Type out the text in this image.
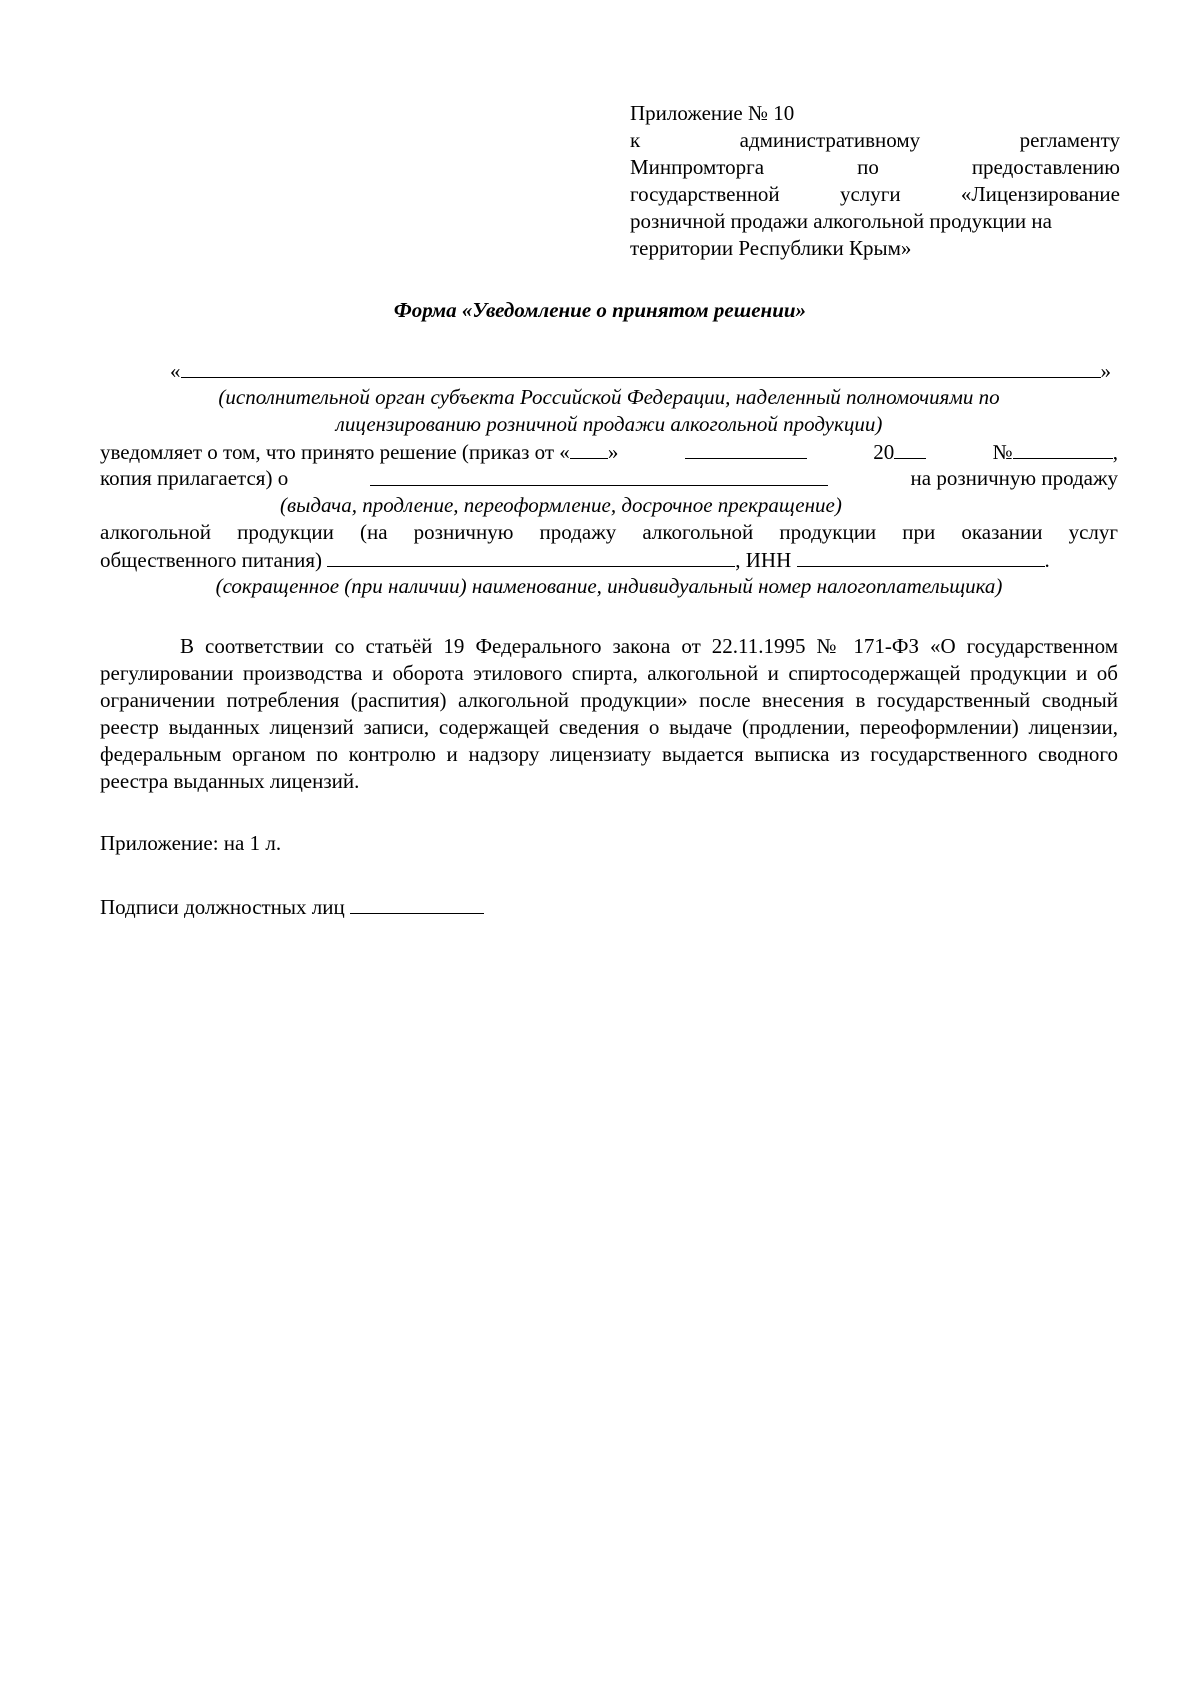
Приложение № 10
к административному регламенту
Минпромторга по предоставлению
государственной услуги «Лицензирование
розничной продажи алкогольной продукции на
территории Республики Крым»
Форма «Уведомление о принятом решении»
«	»
(исполнительной орган субъекта Российской Федерации, наделенный полномочиями по
лицензированию розничной продажи алкогольной продукции)
уведомляет о том, что принято решение (приказ от « »	20	№	,
копия прилагается) о	на розничную продажу
(выдача, продление, переоформление, досрочное прекращение)
алкогольной продукции (на розничную продажу алкогольной продукции при оказании услуг
общественного питания)	, ИНН	.
(сокращенное (при наличии) наименование, индивидуальный номер налогоплательщика)
В соответствии со статьёй 19 Федерального закона от 22.11.1995 № 171-ФЗ «О государственном регулировании производства и оборота этилового спирта, алкогольной и спиртосодержащей продукции и об ограничении потребления (распития) алкогольной продукции» после внесения в государственный сводный реестр выданных лицензий записи, содержащей сведения о выдаче (продлении, переоформлении) лицензии, федеральным органом по контролю и надзору лицензиату выдается выписка из государственного сводного реестра выданных лицензий.
Приложение: на 1 л.
Подписи должностных лиц
